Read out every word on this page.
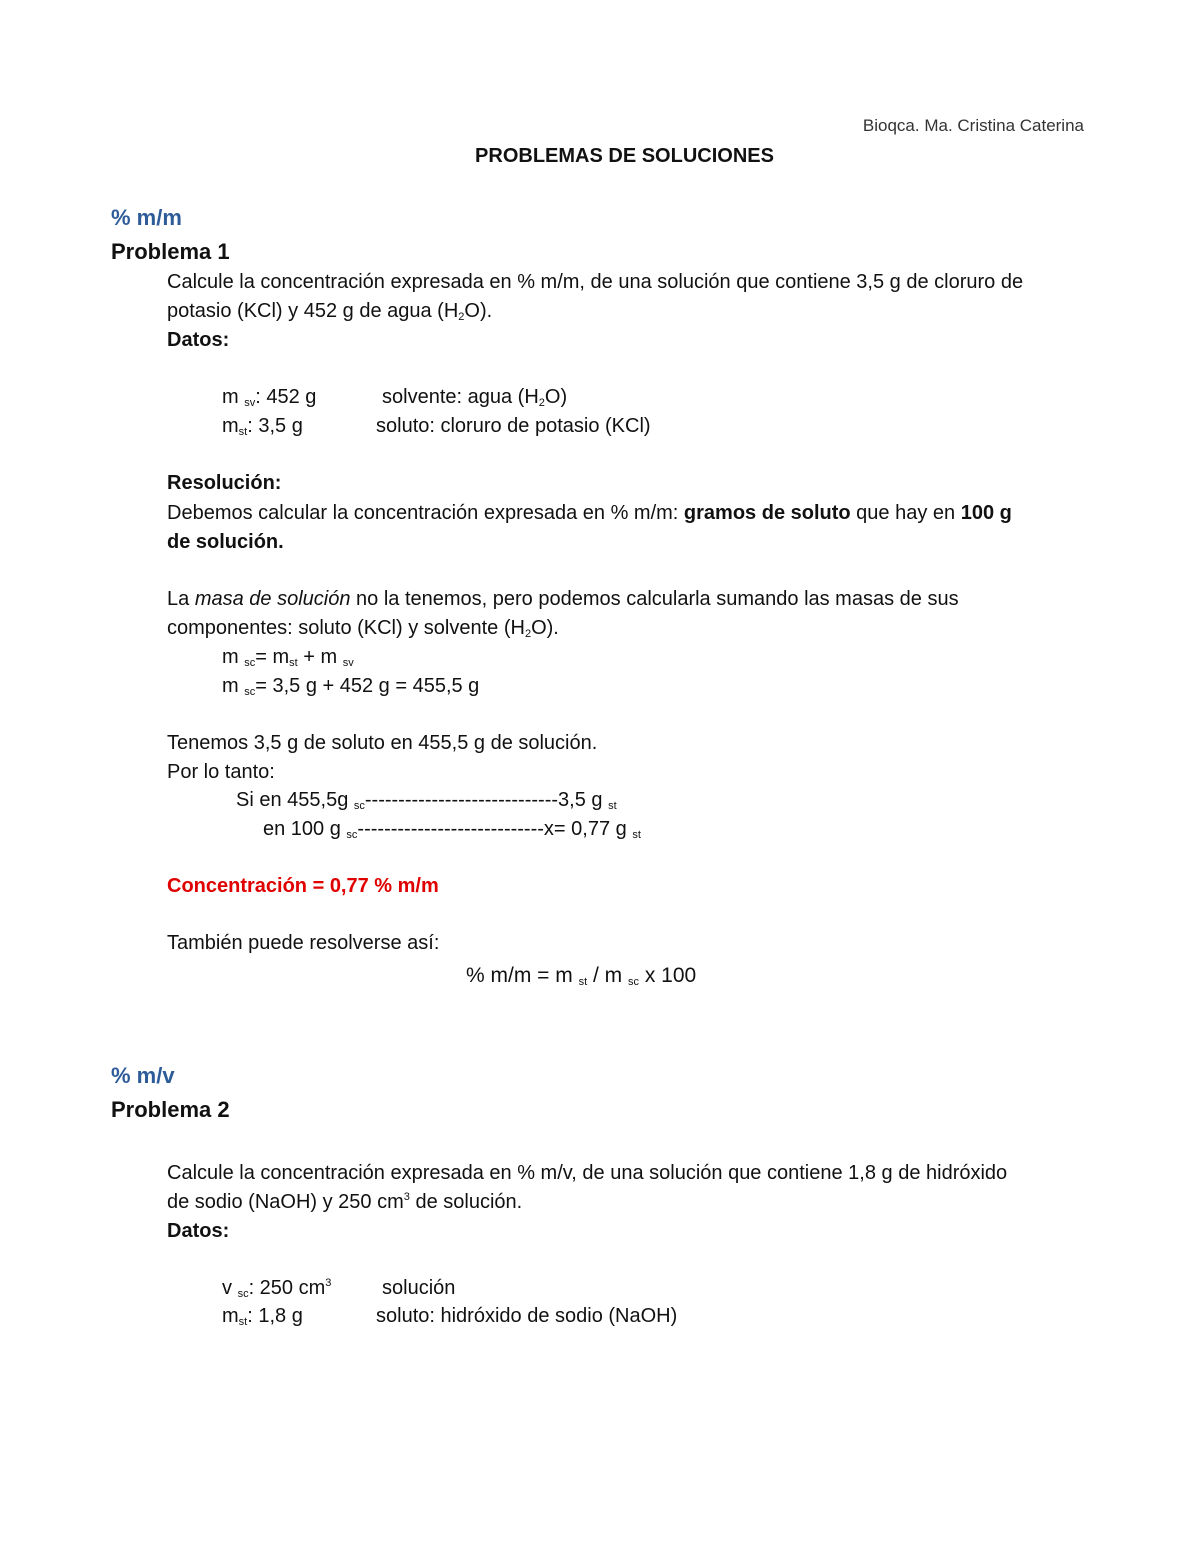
Bioqca. Ma. Cristina Caterina
PROBLEMAS DE SOLUCIONES
% m/m
Problema 1
Calcule la concentración expresada en % m/m, de una solución que contiene 3,5 g de cloruro de
potasio (KCl) y 452 g de agua $(H_2O)$.
Datos:
m $_{sv}$: 452 g	solvente: agua $(H_2O)$
$m_{st}$: 3,5 g	soluto: cloruro de potasio (KCl)
Resolución:
Debemos calcular la concentración expresada en % m/m: gramos de soluto que hay en 100 g
de solución.
La masa de solución no la tenemos, pero podemos calcularla sumando las masas de sus
componentes: soluto (KCl) y solvente $(H_2O)$.
m $_{sc}= m_{st} + m$ $_{sv}$
m $_{sc}$= 3,5 g + 452 g = 455,5 g
Tenemos 3,5 g de soluto en 455,5 g de solución.
Por lo tanto:
Si en 455,5g $_{sc}$-----------------------------3,5 g $_{st}$
en 100 g $_{sc}$----------------------------x= 0,77 g $_{st}$
Concentración = 0,77 % m/m
También puede resolverse así:
% m/m = m $_{st}$ / m $_{sc}$ x 100
% m/v
Problema 2
Calcule la concentración expresada en % m/v, de una solución que contiene 1,8 g de hidróxido
de sodio (NaOH) y 250 $cm^3$ de solución.
Datos:
v $_{sc}$: 250 $cm^3$	solución
$m_{st}$: 1,8 g	soluto: hidróxido de sodio (NaOH)
